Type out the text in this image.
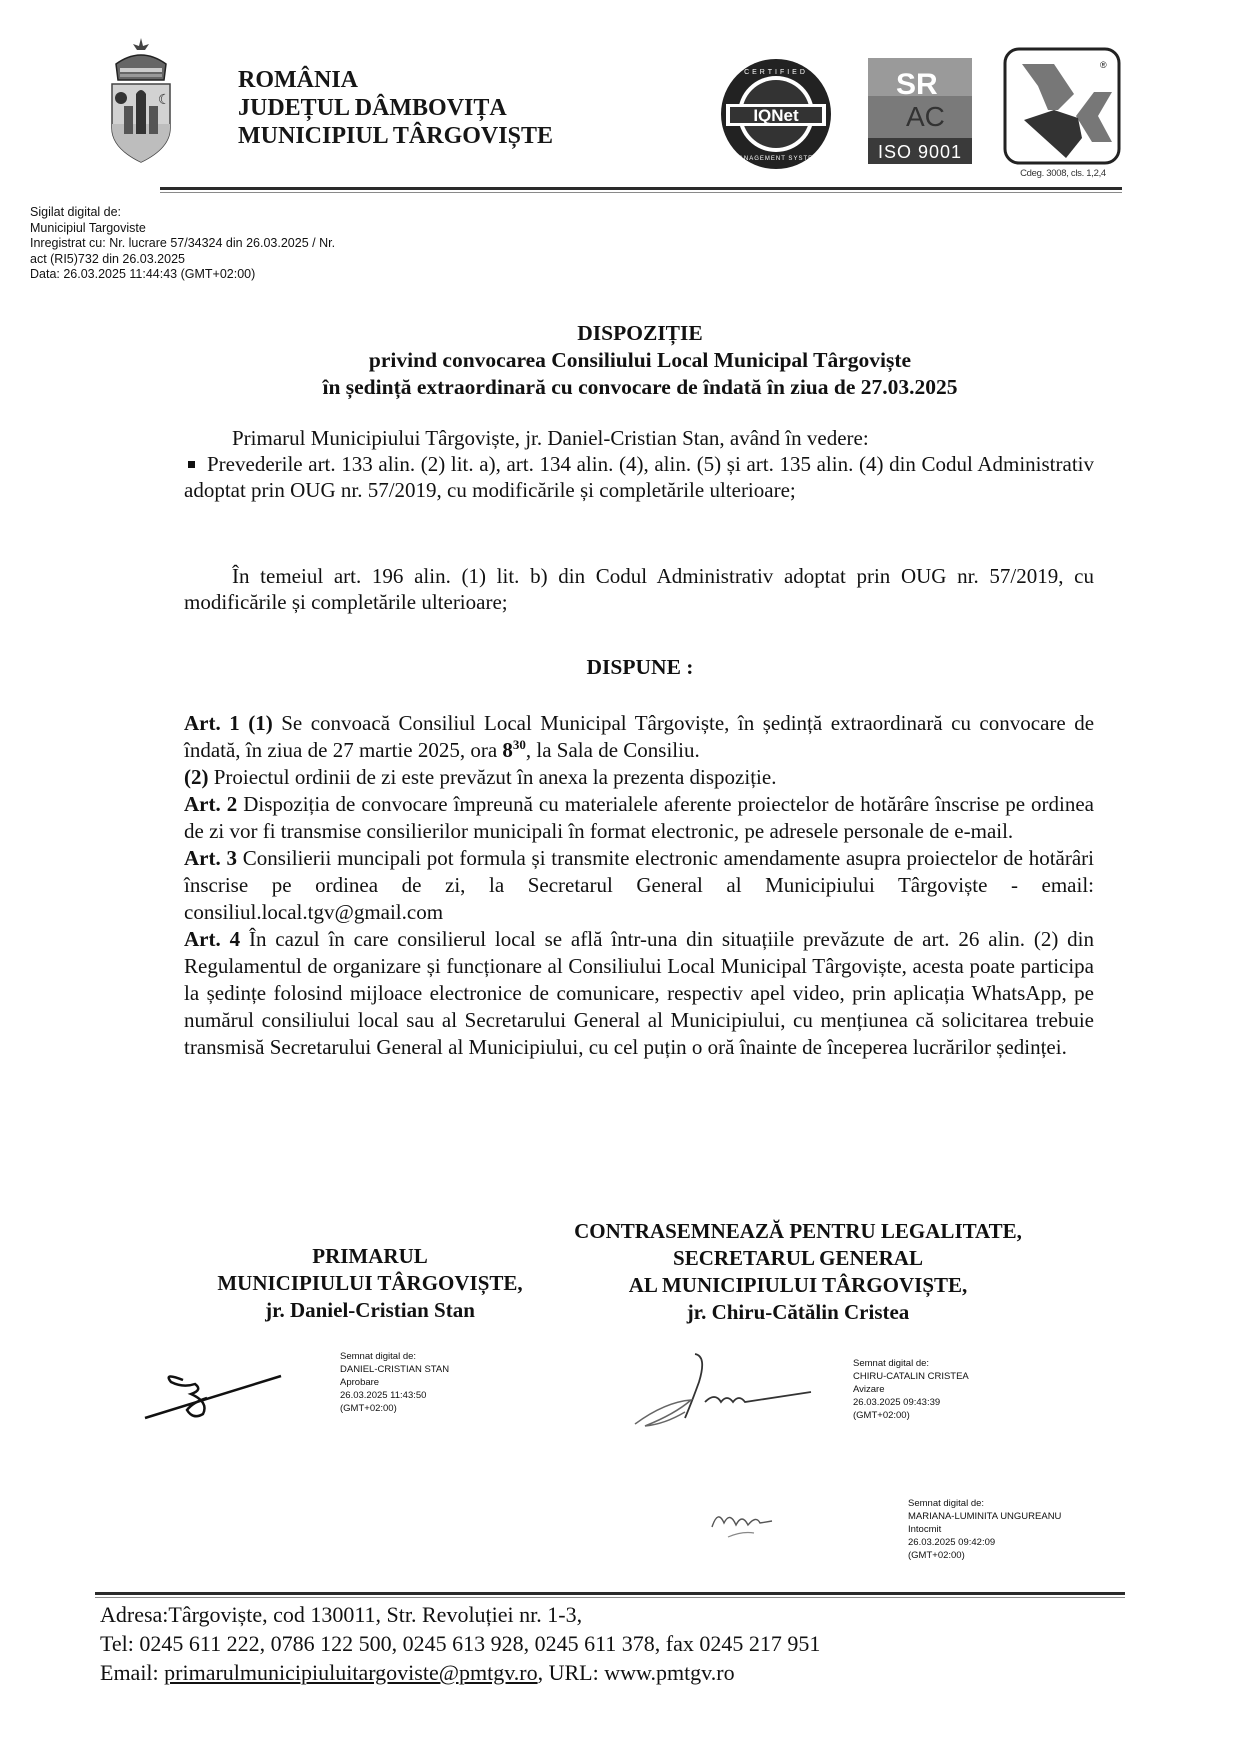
☾
ROMÂNIA
JUDEȚUL DÂMBOVIȚA
MUNICIPIUL TÂRGOVIȘTE
IQNet
CERTIFIED
MANAGEMENT SYSTEM
SR
AC
ISO 9001
®
Cdeg. 3008, cls. 1,2,4
Sigilat digital de:
Municipiul Targoviste
Inregistrat cu: Nr. lucrare 57/34324 din 26.03.2025 / Nr.
act (RI5)732 din 26.03.2025
Data: 26.03.2025 11:44:43 (GMT+02:00)
DISPOZIȚIE
privind convocarea Consiliului Local Municipal Târgoviște
în ședință extraordinară cu convocare de îndată în ziua de 27.03.2025
Primarul Municipiului Târgoviște, jr. Daniel-Cristian Stan, având în vedere:
Prevederile art. 133 alin. (2) lit. a), art. 134 alin. (4), alin. (5) și art. 135 alin. (4) din Codul Administrativ adoptat prin OUG nr. 57/2019, cu modificările și completările ulterioare;
În temeiul art. 196 alin. (1) lit. b) din Codul Administrativ adoptat prin OUG nr. 57/2019, cu modificările și completările ulterioare;
DISPUNE :

Art. 1 (1) Se convoacă Consiliul Local Municipal Târgoviște, în ședință extraordinară cu convocare de îndată, în ziua de 27 martie 2025, ora $8^{30}$, la Sala de Consiliu.

(2) Proiectul ordinii de zi este prevăzut în anexa la prezenta dispoziție.

Art. 2 Dispoziția de convocare împreună cu materialele aferente proiectelor de hotărâre înscrise pe ordinea de zi vor fi transmise consilierilor municipali în format electronic, pe adresele personale de e-mail.

Art. 3 Consilierii muncipali pot formula și transmite electronic amendamente asupra proiectelor de hotărâri înscrise pe ordinea de zi, la Secretarul General al Municipiului Târgoviște - email: consiliul.local.tgv@gmail.com

Art. 4 În cazul în care consilierul local se află într-una din situațiile prevăzute de art. 26 alin. (2) din Regulamentul de organizare și funcționare al Consiliului Local Municipal Târgoviște, acesta poate participa la ședințe folosind mijloace electronice de comunicare, respectiv apel video, prin aplicația WhatsApp, pe numărul consiliului local sau al Secretarului General al Municipiului, cu mențiunea că solicitarea trebuie transmisă Secretarului General al Municipiului, cu cel puțin o oră înainte de începerea lucrărilor ședinței.

PRIMARUL
MUNICIPIULUI TÂRGOVIȘTE,
jr. Daniel-Cristian Stan
CONTRASEMNEAZĂ PENTRU LEGALITATE,
SECRETARUL GENERAL
AL MUNICIPIULUI TÂRGOVIȘTE,
jr. Chiru-Cătălin Cristea
Semnat digital de:
DANIEL-CRISTIAN STAN
Aprobare
26.03.2025 11:43:50
(GMT+02:00)
Semnat digital de:
CHIRU-CATALIN CRISTEA
Avizare
26.03.2025 09:43:39
(GMT+02:00)
Semnat digital de:
MARIANA-LUMINITA UNGUREANU
Intocmit
26.03.2025 09:42:09
(GMT+02:00)
Adresa:Târgoviște, cod 130011, Str. Revoluției nr. 1-3,
Tel: 0245 611 222, 0786 122 500, 0245 613 928, 0245 611 378, fax 0245 217 951
Email: primarulmunicipiuluitargoviste@pmtgv.ro, URL: www.pmtgv.ro
